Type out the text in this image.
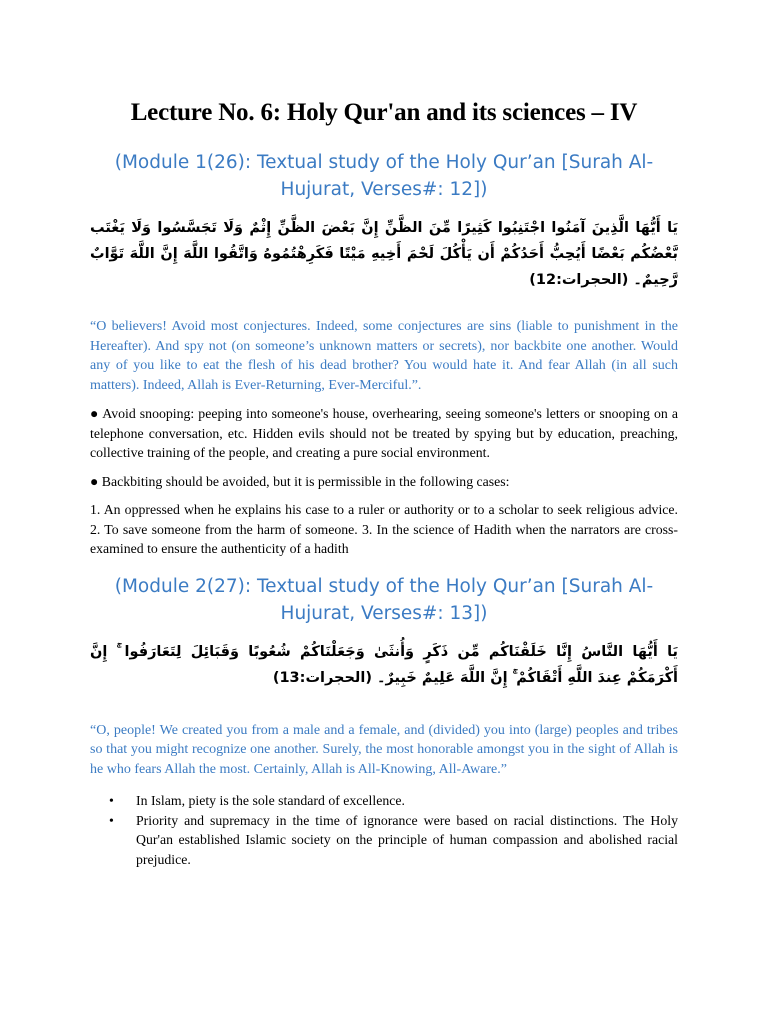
Lecture No. 6: Holy Qur'an and its sciences – IV

(Module 1(26): Textual study of the Holy Qur’an [Surah Al-

Hujurat, Verses#: 12])

يَا أَيُّهَا الَّذِينَ آمَنُوا اجْتَنِبُوا كَثِيرًا مِّنَ الظَّنِّ إِنَّ بَعْضَ الظَّنِّ إِثْمٌ وَلَا تَجَسَّسُوا وَلَا يَغْتَب بَّعْضُكُم بَعْضًا أَيُحِبُّ أَحَدُكُمْ أَن يَأْكُلَ لَحْمَ أَخِيهِ مَيْتًا فَكَرِهْتُمُوهُ وَاتَّقُوا اللَّهَ إِنَّ اللَّهَ تَوَّابٌ رَّحِيمٌ۔ (الحجرات:12)

“O believers! Avoid most conjectures. Indeed, some conjectures are sins (liable to punishment in the Hereafter). And spy not (on someone’s unknown matters or secrets), nor backbite one another. Would any of you like to eat the flesh of his dead brother? You would hate it. And fear Allah (in all such matters). Indeed, Allah is Ever-Returning, Ever-Merciful.”.

● Avoid snooping: peeping into someone's house, overhearing, seeing someone's letters or snooping on a telephone conversation, etc. Hidden evils should not be treated by spying but by education, preaching, collective training of the people, and creating a pure social environment.

● Backbiting should be avoided, but it is permissible in the following cases:

1. An oppressed when he explains his case to a ruler or authority or to a scholar to seek religious advice. 2. To save someone from the harm of someone. 3. In the science of Hadith when the narrators are cross-examined to ensure the authenticity of a hadith

(Module 2(27): Textual study of the Holy Qur’an [Surah Al-

Hujurat, Verses#: 13])

يَا أَيُّهَا النَّاسُ إِنَّا خَلَقْنَاكُم مِّن ذَكَرٍ وَأُنثَىٰ وَجَعَلْنَاكُمْ شُعُوبًا وَقَبَائِلَ لِتَعَارَفُوا ۚ إِنَّ أَكْرَمَكُمْ عِندَ اللَّهِ أَتْقَاكُمْ ۚ إِنَّ اللَّهَ عَلِيمٌ خَبِيرٌ۔ (الحجرات:13)

“O, people! We created you from a male and a female, and (divided) you into (large) peoples and tribes so that you might recognize one another. Surely, the most honorable amongst you in the sight of Allah is he who fears Allah the most. Certainly, Allah is All-Knowing, All-Aware.”

• In Islam, piety is the sole standard of excellence.
• Priority and supremacy in the time of ignorance were based on racial distinctions. The Holy Qur'an established Islamic society on the principle of human compassion and abolished racial prejudice.
